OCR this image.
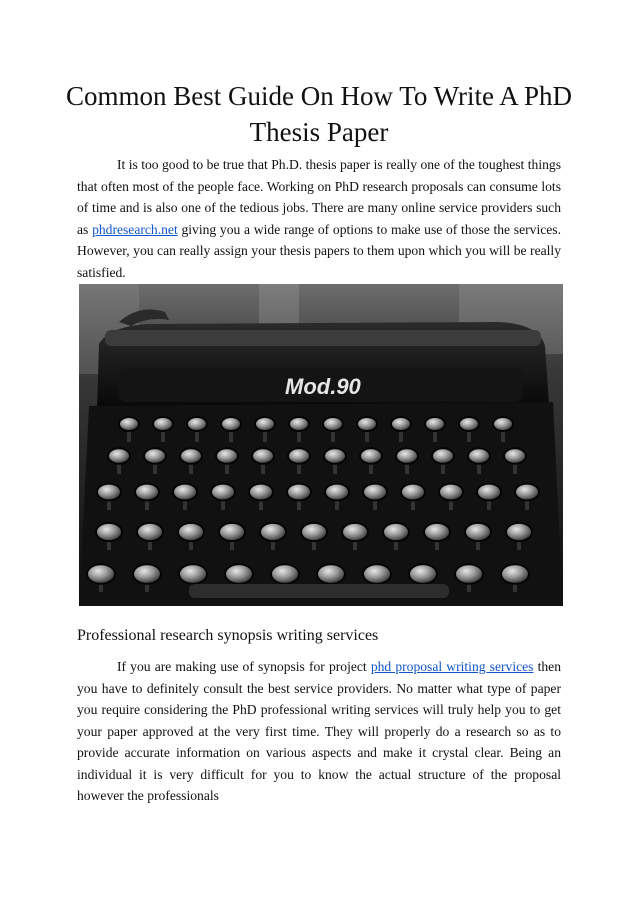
Common Best Guide On How To Write A PhD Thesis Paper

It is too good to be true that Ph.D. thesis paper is really one of the toughest things that often most of the people face. Working on PhD research proposals can consume lots of time and is also one of the tedious jobs. There are many online service providers such as phdresearch.net giving you a wide range of options to make use of those the services. However, you can really assign your thesis papers to them upon which you will be really satisfied.

Mod.90
Professional research synopsis writing services

If you are making use of synopsis for project phd proposal writing services then you have to definitely consult the best service providers. No matter what type of paper you require considering the PhD professional writing services will truly help you to get your paper approved at the very first time. They will properly do a research so as to provide accurate information on various aspects and make it crystal clear. Being an individual it is very difficult for you to know the actual structure of the proposal however the professionals
